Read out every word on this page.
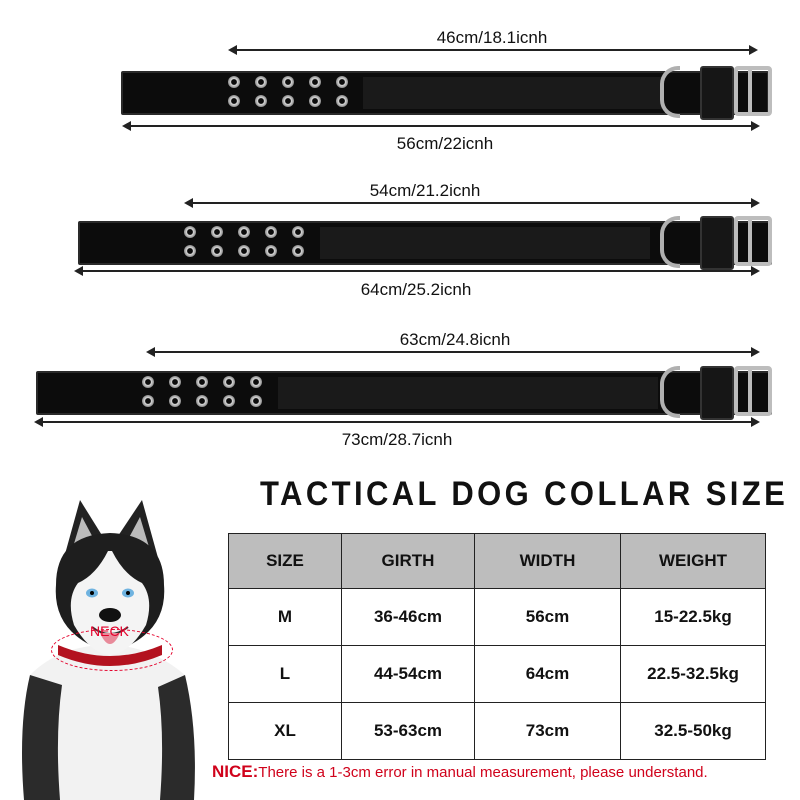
46cm/18.1icnh
56cm/22icnh
54cm/21.2icnh
64cm/25.2icnh
63cm/24.8icnh
73cm/28.7icnh
TACTICAL DOG COLLAR SIZE
NECK
SIZE	GIRTH	WIDTH	WEIGHT
M	36-46cm	56cm	15-22.5kg
L	44-54cm	64cm	22.5-32.5kg
XL	53-63cm	73cm	32.5-50kg
NICE:There is a 1-3cm error in manual measurement, please understand.
